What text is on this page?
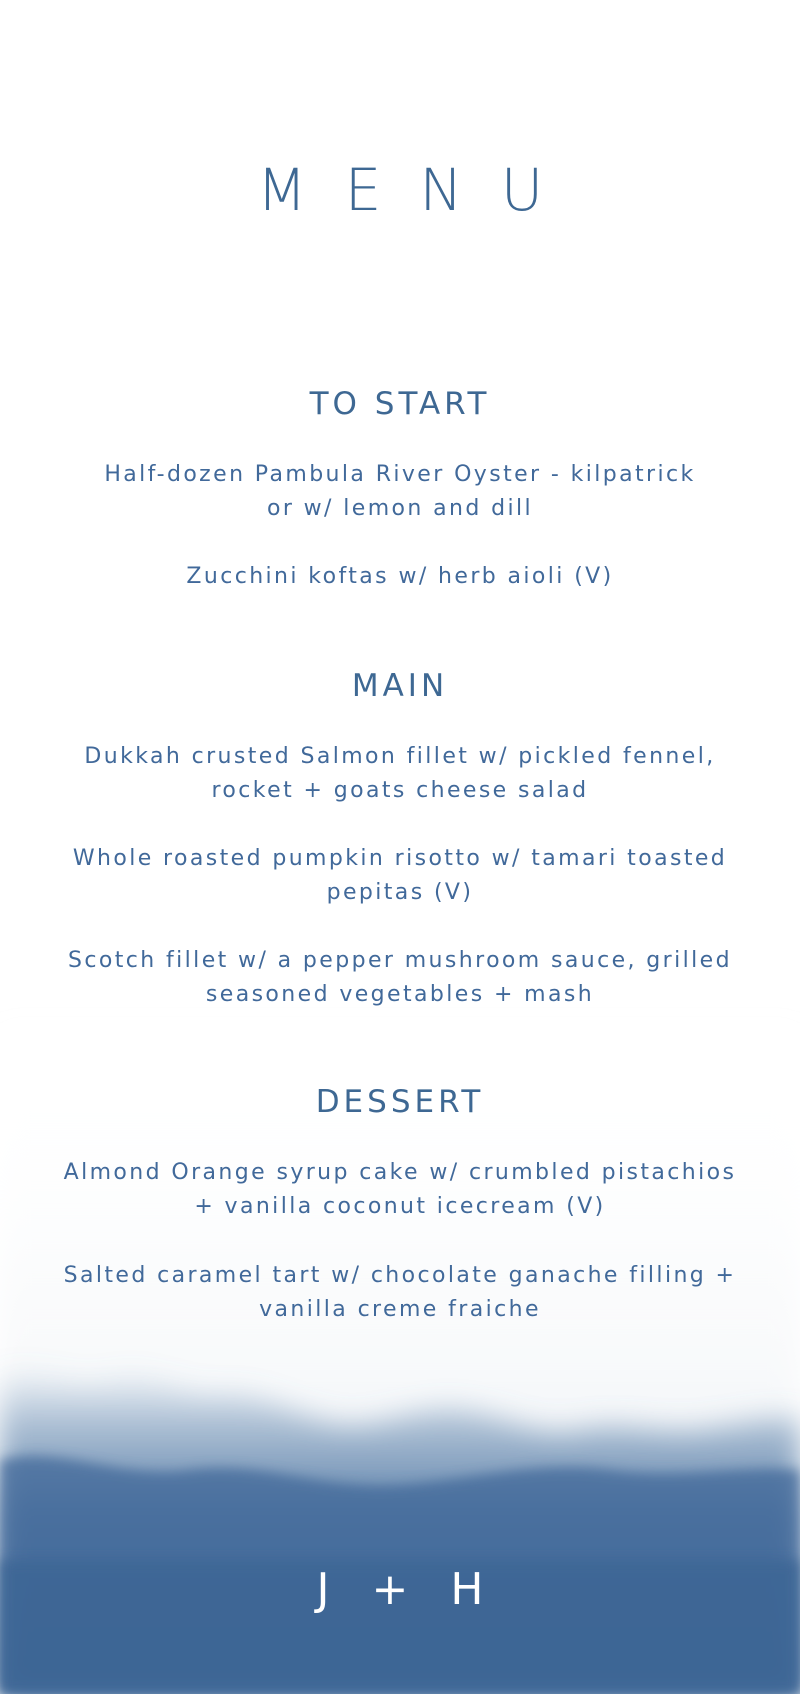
MENU
TO START
Half-dozen Pambula River Oyster - kilpatrick
or w/ lemon and dill
Zucchini koftas w/ herb aioli (V)
MAIN
Dukkah crusted Salmon fillet w/ pickled fennel,
rocket + goats cheese salad
Whole roasted pumpkin risotto w/ tamari toasted
pepitas (V)
Scotch fillet w/ a pepper mushroom sauce, grilled
seasoned vegetables + mash
DESSERT
Almond Orange syrup cake w/ crumbled pistachios
+ vanilla coconut icecream (V)
Salted caramel tart w/ chocolate ganache filling +
vanilla creme fraiche
J + H
